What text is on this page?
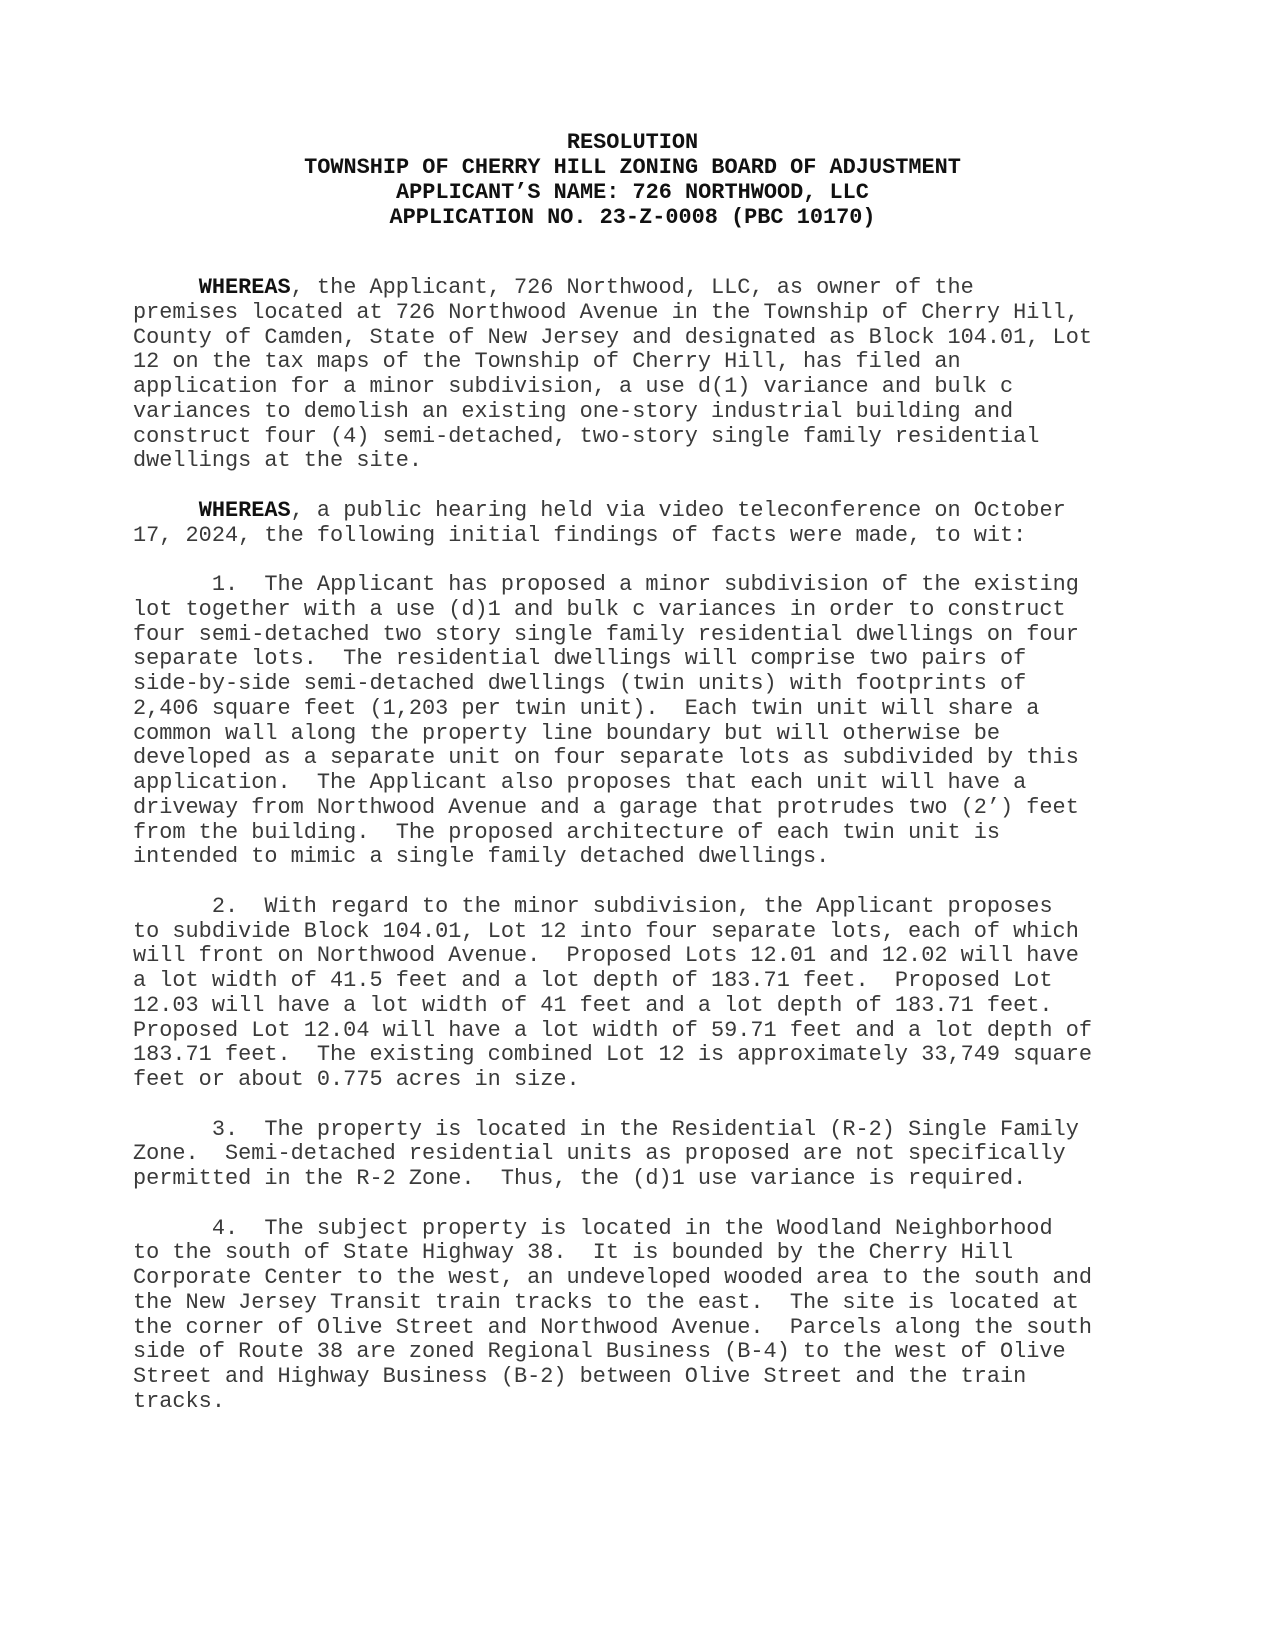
RESOLUTION
TOWNSHIP OF CHERRY HILL ZONING BOARD OF ADJUSTMENT
APPLICANT’S NAME: 726 NORTHWOOD, LLC
APPLICATION NO. 23-Z-0008 (PBC 10170)
WHEREAS, the Applicant, 726 Northwood, LLC, as owner of the
premises located at 726 Northwood Avenue in the Township of Cherry Hill,
County of Camden, State of New Jersey and designated as Block 104.01, Lot
12 on the tax maps of the Township of Cherry Hill, has filed an
application for a minor subdivision, a use d(1) variance and bulk c
variances to demolish an existing one-story industrial building and
construct four (4) semi-detached, two-story single family residential
dwellings at the site.
WHEREAS, a public hearing held via video teleconference on October
17, 2024, the following initial findings of facts were made, to wit:
1. The Applicant has proposed a minor subdivision of the existing
lot together with a use (d)1 and bulk c variances in order to construct
four semi-detached two story single family residential dwellings on four
separate lots.  The residential dwellings will comprise two pairs of
side-by-side semi-detached dwellings (twin units) with footprints of
2,406 square feet (1,203 per twin unit).  Each twin unit will share a
common wall along the property line boundary but will otherwise be
developed as a separate unit on four separate lots as subdivided by this
application.  The Applicant also proposes that each unit will have a
driveway from Northwood Avenue and a garage that protrudes two (2’) feet
from the building.  The proposed architecture of each twin unit is
intended to mimic a single family detached dwellings.
2. With regard to the minor subdivision, the Applicant proposes
to subdivide Block 104.01, Lot 12 into four separate lots, each of which
will front on Northwood Avenue.  Proposed Lots 12.01 and 12.02 will have
a lot width of 41.5 feet and a lot depth of 183.71 feet.  Proposed Lot
12.03 will have a lot width of 41 feet and a lot depth of 183.71 feet.
Proposed Lot 12.04 will have a lot width of 59.71 feet and a lot depth of
183.71 feet.  The existing combined Lot 12 is approximately 33,749 square
feet or about 0.775 acres in size.
3. The property is located in the Residential (R-2) Single Family
Zone.  Semi-detached residential units as proposed are not specifically
permitted in the R-2 Zone.  Thus, the (d)1 use variance is required.
4. The subject property is located in the Woodland Neighborhood
to the south of State Highway 38.  It is bounded by the Cherry Hill
Corporate Center to the west, an undeveloped wooded area to the south and
the New Jersey Transit train tracks to the east.  The site is located at
the corner of Olive Street and Northwood Avenue.  Parcels along the south
side of Route 38 are zoned Regional Business (B-4) to the west of Olive
Street and Highway Business (B-2) between Olive Street and the train
tracks.
